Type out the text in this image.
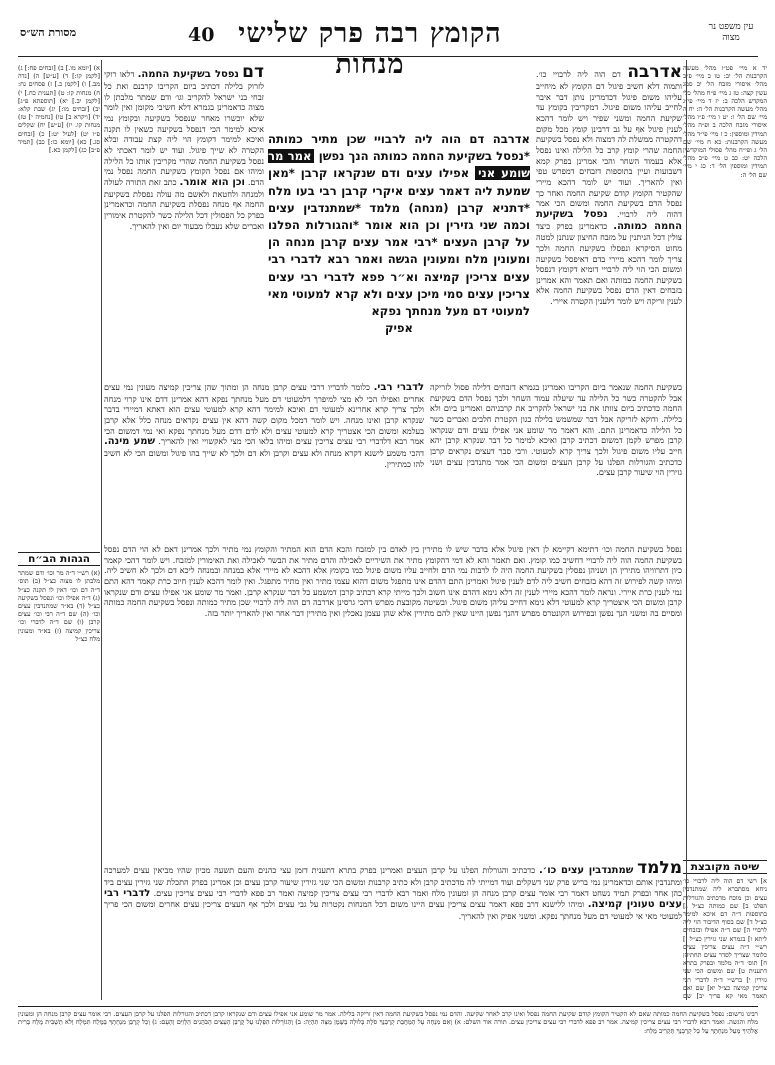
עין משפט נר מצוה
הקומץ רבה פרק שלישי מנחות
40
מסורת הש״ס
יד א מיי׳ פט״ו מהל׳ מעשה הקרבנות הל׳ יב: טו ב מיי׳ פ״ב מהל׳ איסורי מזבח הל׳ יב סמג עשין קצה: טז ג מיי׳ פ״ח מהל׳ כלי המקדש הלכה ב: יז ד מיי׳ פי״ג מהל׳ מעשה הקרבנות הל׳ ה: יח ה מיי׳ שם הל׳ ו: יט ו מיי׳ פ״ו מהל׳ איסורי מזבח הלכה ב ופ״ה מהל׳ תמידין ומוספין: כ ז מיי׳ פי״ד מהל׳ מעשה הקרבנות: כא ח מיי׳ שם הל׳ ג ופי״ח מהל׳ פסולי המוקדשין הלכה יט: כב ט מיי׳ פ״ב מהל׳ תמידין ומוספין הל׳ ד: כג י מיי׳ שם הל׳ ה:
שיטה מקובצת
א] רשי דם הוה ליה לרבויי כו׳ ניחא מסתברא ליה שמתנדבין עצים וכן מוכח מדכתיב והגורלות הפלנו ב] שם כמותה כצ״ל ג] בתוספות ד״ה דם איכא למימר כצ״ל ד] שם בסוף הדיבור הוי ליה לרבויי ה] שם ד״ה אפילו ובזבחים ליתא ו] בגמרא שני גזירין כצ״ל ז] רש״י ד״ה עצים צריכין עצים כלומר שצריך לסדר עצים תחתיהן ח] תוס׳ ד״ה מלמד ובפרק בתרא דתענית ט] שם ומשום הכי שני גזירין י] ברש״י ד״ה לדברי רבי צריכין קמיצה כצ״ל יא] שם ואם תאמר מאי קא פריך יב] שם
א) [יומא מו.] ב) [זבחים פח:] ג) [לקמן קו:] ד) [ע״ש] ה) [נדה מב.] ו) [לקמן כ.] ז) פסחים נח: ח) מנחות קו: ט) [תענית כח.] י) [לקמן יב.] יא) [תוספתא פ״ג] יב) [זבחים מו:] יג) שבת קלא: יד) [ויקרא ב] טו) [נחמיה י] טז) מנחות קו. יז) [ע״ש] יח) שקלים פ״ו יט) [לעיל יט:] כ) [זבחים סג.] כא) [יומא כו:] כב) [תמיד פ״ב] כג) [לקמן כא.]
הגהות הב״ח
(א) רש״י ד״ה מר וכו׳ ודם שמתר מלבתן לו מצוה כצ״ל (ב) תוס׳ ד״ה דם וכו׳ דאין לו תקנה כצ״ל (ג) ד״ה אפילו וכו׳ ונפסל בשקיעה כצ״ל (ד) בא״ד שמתנדבין עצים וכו׳ (ה) שם ד״ה רבי וכו׳ עצים קרבן (ו) שם ד״ה לדברי וכו׳ צריכין קמיצה (ז) בא״ד ומעונין מלח כצ״ל
אדרבה דם הוה ליה לרבויי כו׳. ותמוה דלא חשיב פיגול דם הקומץ לא מיחייב עליהו משום פיגול דכדמרינן נותן דבר איבר לחייב עליהו משום פיגול. דמקריבין בקומץ עד שקיעת החמה ומשני שפיר ויש לומר דהכא לענין פיגול אף על גב דרבינן קומץ מכל מקום דהקטרה ממשלת לה דמצוה ולא נפסל בשקיעת החמה שהרי קומץ קרב כל הלילה ואינו נפסל אלא בעמוד השחר והכי אמרינן בפרק קמא דשבועות ועיין בתוספות דזבחים דמפרש טפי ואין להאריך. ועוד יש לומר דהכא מיירי שהקטיר הקומץ קודם שקיעת החמה ואחר כך נפסל הדם בשקיעת החמה ומשום הכי אמר דהוה ליה לרבויי. נפסל בשקיעת החמה כמותה. כדאמרינן בפרק כיצד צולין דכל הניתנין על מזבח החיצון שנתנן למטה מחוט הסיקרא ונפסלו בשקיעת החמה ולכך צריך לומר דהכא מיירי בדם דאיפסל בשקיעה ומשום הכי הוי ליה לרבויי דומיא דקומץ דנפסל בשקיעת החמה כמותה ואם תאמר והא אמרינן בזבחים דאין הדם נפסל בשקיעת החמה אלא לענין זריקה ויש לומר דלענין הקטרה איירי.
דם נפסל בשקיעת החמה. דלאו רוקי לזרוק בלילה דכתיב ביום הקריבו קרבנם ואת כל זבחי בני ישראל להקריב וגו׳ ודם שמתר מלבתן לו מצוה כדאמרינן בגמרא דלא חשיבי מקומן ואין לומר שלא יוכשרו מאחר שנפסל בשקיעה ובקומץ נמי איכא למימר הכי דנפסל בשקיעה כשאין לו תקנה ואיכא למימר דקומץ הוי ליה קצת עבודה ובלא הקטרה לא שייך פיגול. ועוד יש לומר דאכתי לא נפסל בשקיעת החמה שהרי מקריבין אותו כל הלילה ומיהו אם נפסל הקומץ בשקיעת החמה נפסל נמי הדם. וכן הוא אומר. כתב זאת התורה לעולה ולמנחה ולחטאת ולאשם מה עולה נפסלת בשקיעת החמה אף מנחה נפסלת בשקיעת החמה וכדאמרינן בפרק כל הפסולין דכל הלילה כשר להקטרת אימורין ואברים שלא נעכלו מבעוד יום ואין להאריך.
אדרבה דם הוה ליה לרבויי שכן מתיר כמותה *נפסל בשקיעת החמה כמותה הנך נפשן אמר מר שומע אני אפילו עצים ודם שנקראו קרבן *מאן שמעת ליה דאמר עצים איקרי קרבן רבי בעו מלח *דתניא קרבן (מנחה) מלמד *שמתנדבין עצים וכמה שני גזירין וכן הוא אומר *והגורלות הפלנו על קרבן העצים *רבי אמר עצים קרבן מנחה הן ומעונין מלח ומעונין הגשה ואמר רבא לדברי רבי עצים צריכין קמיצה וא״ר פפא לדברי רבי עצים צריכין עצים סמי מיכן עצים ולא קרא למעוטי מאי למעוטי דם מעל מנחתך נפקא
אפיק
בשקיעת החמה שנאמר ביום הקריבו ואמרינן בגמרא דזבחים דלילה פסול לזריקה אבל להקטרה כשר כל הלילה עד שיעלה עמוד השחר ולכך נפסל הדם בשקיעת החמה כדכתיב ביום צוותו את בני ישראל להקריב את קרבניהם ואמרינן ביום ולא בלילה. ודוקא לזריקה אבל דבר שמשמש בלילה כגון הקטרת חלבים ואברים כשר כל הלילה כדאמרינן התם. והא דאמר מר שומע אני אפילו עצים ודם שנקראו קרבן מפרש לקמן דמשום דכתיב קרבן ואיכא למימר כל דבר שנקרא קרבן יהא חייב עליו משום פיגול ולכך צריך קרא למעוטי. ורבי סבר דעצים נקראים קרבן כדכתיב והגורלות הפלנו על קרבן העצים ומשום הכי אמר מתנדבין עצים ושני גזירין הוי שיעור קרבן עצים.
לדברי רבי. כלומר לדבריו דרבי עצים קרבן מנחה הן ומתוך שהן צריכין קמיצה מעונין נמי עצים אחרים ואפילו הכי לא מצי למיפרך דלמעוטי דם מעל מנחתך נפקא דהא אמרינן דדם אינו קרוי מנחה ולכך צריך קרא אחרינא למעוטי דם ואיכא למימר דהא קרא למעוטי עצים הוא דאתא דמיירי בדבר שנקרא קרבן ואינו מנחה. ויש לומר דמכל מקום קשה דהא אין עצים נקראים מנחה כלל אלא קרבן בעלמא ומשום הכי אצטריך קרא למעוטי עצים ולא לדם דדם מעל מנחתך נפקא ואי נמי דמשום הכי אמר רבא דלדברי רבי עצים צריכין עצים ומיהו בלאו הכי מצי לאקשויי ואין להאריך. שמע מינה. דהכי משמע לישנא דקרא מנחה ולא עצים וקרבן ולא דם ולכך לא שייך בהו פיגול ומשום הכי לא חשיב להו כמתירין.
נפסל בשקיעת החמה וכו׳ דתימא דקיימא לן דאין פיגול אלא בדבר שיש לו מתירין בין לאדם בין למזבח והכא הדם הוא המתיר והקומץ נמי מתיר ולכך אמרינן דאם לא הוי הדם נפסל בשקיעת החמה הוה ליה לרבויי דחשיב כמו קומץ. ואם תאמר והא לא דמי דהקומץ מתיר את השיריים לאכילה והדם מתיר את הבשר לאכילה ואת האימורין למזבח. ויש לומר דהכי קאמר כיון דתרוויהו מתירין הן ושניהן נפסלין בשקיעת החמה היה לו לרבות נמי הדם ולחייב עליו משום פיגול כמו בקומץ אלא דהכא לא מיירי אלא במנחה ובמנחה ליכא דם ולכך לא חשיב ליה. ומיהו קשה לפירוש זה דהא בזבחים חשיב ליה לדם לענין פיגול ואמרינן התם דהדם אינו מתפגל משום דהוא עצמו מתיר ואין מתיר מתפגל. ואין לומר דהכא לענין חיוב כרת קאמר דהא התם נמי לענין כרת איירי. ונראה לומר דהכא מיירי לענין זה דלא נימא דהדם אינו חשוב ולכך מייתי קרא דכתיב קרבן דמשמע כל דבר שנקרא קרבן. ואמר מר שומע אני אפילו עצים ודם שנקראו קרבן ומשום הכי איצטריך קרא למעוטי דלא נימא דחייב עליהן משום פיגול. ובשיטה מקובצת מפרש דהכי גרסינן אדרבה דם הוה ליה לרבויי שכן מתיר כמותה ונפסל בשקיעת החמה כמותה ומסיים בה ומשני הנך נפשן ובפירוש הקונטרס מפרש דהנך נפשן היינו שאין להם מתירין אלא שהן עצמן נאכלין ואין מתירין דבר אחר ואין להאריך יותר בזה.
מלמד שמתנדבין עצים כו׳. כדכתיב והגורלות הפלנו על קרבן העצים ואמרינן בפרק בתרא דתענית דזמן עצי כהנים והעם תשעה מכיון שהיו מביאין עצים למערכה ומתנדבין אותם וכדאמרינן נמי בריש פרק שני דשקלים ועוד דמייתי לה מדכתיב קרבן ולא כתיב קרבנות ומשום הכי שני גזירין שיעור קרבן עצים וכן אמרינן בפרק התכלת שני גזירין עצים ביד כהן אחד ובפרק תמיד נשחט דאמר רבי אומר עצים קרבן מנחה הן ומעונין מלח ואמר רבא לדברי רבי עצים צריכין קמיצה ואמר רב פפא לדברי רבי עצים צריכין עצים. לדברי רבי עצים טעונין קמיצה. ומיהו ללישנא דרב פפא דאמר עצים צריכין עצים היינו משום דכל המנחות נקטרות על גבי עצים ולכך אף העצים צריכין עצים אחרים ומשום הכי פריך למעוטי מאי אי למעוטי דם מעל מנחתך נפקא. ומשני אפיק ואין להאריך.
רבינו גרשום: נפסל בשקיעת החמה כמותה שאם לא הקטיר הקומץ קודם שקיעת החמה נפסל ואינו קרב לאחר שקיעה. והדם נמי נפסל בשקיעת החמה דאין זריקה בלילה. אמר מר שומע אני אפילו עצים ודם שנקראו קרבן דכתיב והגורלות הפלנו על קרבן העצים. רבי אומר עצים קרבן מנחה הן ומעונין מלח והגשה. ואמר רבא לדברי רבי עצים צריכין קמיצה. אמר רב פפא לדברי רבי עצים צריכין עצים. תורה אור השלם: א) וְאִם מִנְחָה עַל הַמַּחֲבַת קָרְבָּנֶךָ סֹלֶת בְּלוּלָה בַשֶּׁמֶן מַצָּה תִהְיֶה: ב) וְהַגּוֹרָלוֹת הִפַּלְנוּ עַל קֻרְבַּן הָעֵצִים הַכֹּהֲנִים הַלְוִיִּם וְהָעָם: ג) וְכָל קָרְבַּן מִנְחָתְךָ בַּמֶּלַח תִּמְלָח וְלֹא תַשְׁבִּית מֶלַח בְּרִית אֱלֹהֶיךָ מֵעַל מִנְחָתֶךָ עַל כָּל קָרְבָּנְךָ תַּקְרִיב מֶלַח:
